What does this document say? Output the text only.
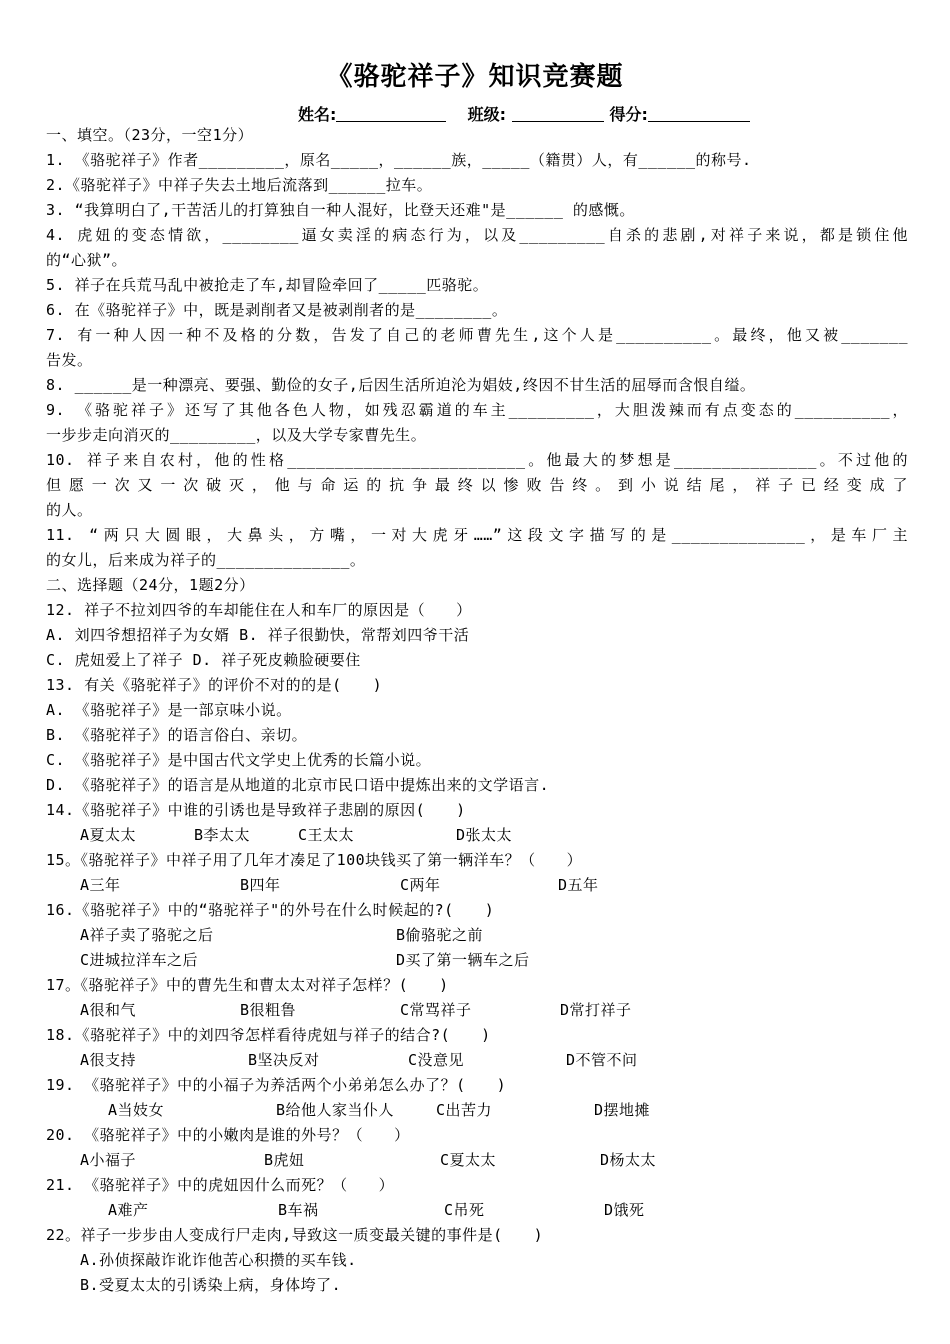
《骆驼祥子》知识竞赛题
姓名:	班级:	得分:
一、填空。（23分，一空1分）
1. 《骆驼祥子》作者_________，原名_____，______族，_____（籍贯）人，有______的称号.
2.《骆驼祥子》中祥子失去土地后流落到______拉车。
3. “我算明白了,干苦活儿的打算独自一种人混好，比登天还难"是______ 的感慨。
4. 虎妞的变态情欲，________逼女卖淫的病态行为，以及_________自杀的悲剧,对祥子来说，都是锁住他
的“心狱”。
5. 祥子在兵荒马乱中被抢走了车,却冒险牵回了_____匹骆驼。
6. 在《骆驼祥子》中，既是剥削者又是被剥削者的是________。
7. 有一种人因一种不及格的分数，告发了自己的老师曹先生,这个人是__________。最终，他又被_______
告发。
8. ______是一种漂亮、要强、勤俭的女子,后因生活所迫沦为娼妓,终因不甘生活的屈辱而含恨自缢。
9. 《骆驼祥子》还写了其他各色人物，如残忍霸道的车主_________，大胆泼辣而有点变态的__________，
一步步走向消灭的_________，以及大学专家曹先生。
10. 祥子来自农村，他的性格_________________________。他最大的梦想是_______________。不过他的
但愿一次又一次破灭，他与命运的抗争最终以惨败告终。到小说结尾，祥子已经变成了
的人。
11. “两只大圆眼，大鼻头，方嘴，一对大虎牙……”这段文字描写的是______________，是车厂主
的女儿，后来成为祥子的______________。
二、选择题（24分，1题2分）
12. 祥子不拉刘四爷的车却能住在人和车厂的原因是（　　）
A. 刘四爷想招祥子为女婿 B. 祥子很勤快，常帮刘四爷干活
C. 虎妞爱上了祥子 D. 祥子死皮赖脸硬要住
13. 有关《骆驼祥子》的评价不对的的是(　　)
A. 《骆驼祥子》是一部京味小说。
B. 《骆驼祥子》的语言俗白、亲切。
C. 《骆驼祥子》是中国古代文学史上优秀的长篇小说。
D. 《骆驼祥子》的语言是从地道的北京市民口语中提炼出来的文学语言.
14.《骆驼祥子》中谁的引诱也是导致祥子悲剧的原因(　　)
A夏太太	B李太太	C王太太	D张太太
15。《骆驼祥子》中祥子用了几年才凑足了100块钱买了第一辆洋车？（　　）
A三年	B四年	C两年	D五年
16.《骆驼祥子》中的“骆驼祥子"的外号在什么时候起的?(　　)
A祥子卖了骆驼之后	B偷骆驼之前
C进城拉洋车之后	D买了第一辆车之后
17。《骆驼祥子》中的曹先生和曹太太对祥子怎样？(　　)
A很和气	B很粗鲁	C常骂祥子	D常打祥子
18.《骆驼祥子》中的刘四爷怎样看待虎妞与祥子的结合?(　　)
A很支持	B坚决反对	C没意见	D不管不问
19. 《骆驼祥子》中的小福子为养活两个小弟弟怎么办了？(　　)
A当妓女	B给他人家当仆人	C出苦力	D摆地摊
20. 《骆驼祥子》中的小嫩肉是谁的外号？（　　）
A小福子	B虎妞	C夏太太	D杨太太
21. 《骆驼祥子》中的虎妞因什么而死？（　　）
A难产	B车祸	C吊死	D饿死
22。祥子一步步由人变成行尸走肉,导致这一质变最关键的事件是(　　)
A.孙侦探敲诈讹诈他苦心积攒的买车钱.
B.受夏太太的引诱染上病，身体垮了.
